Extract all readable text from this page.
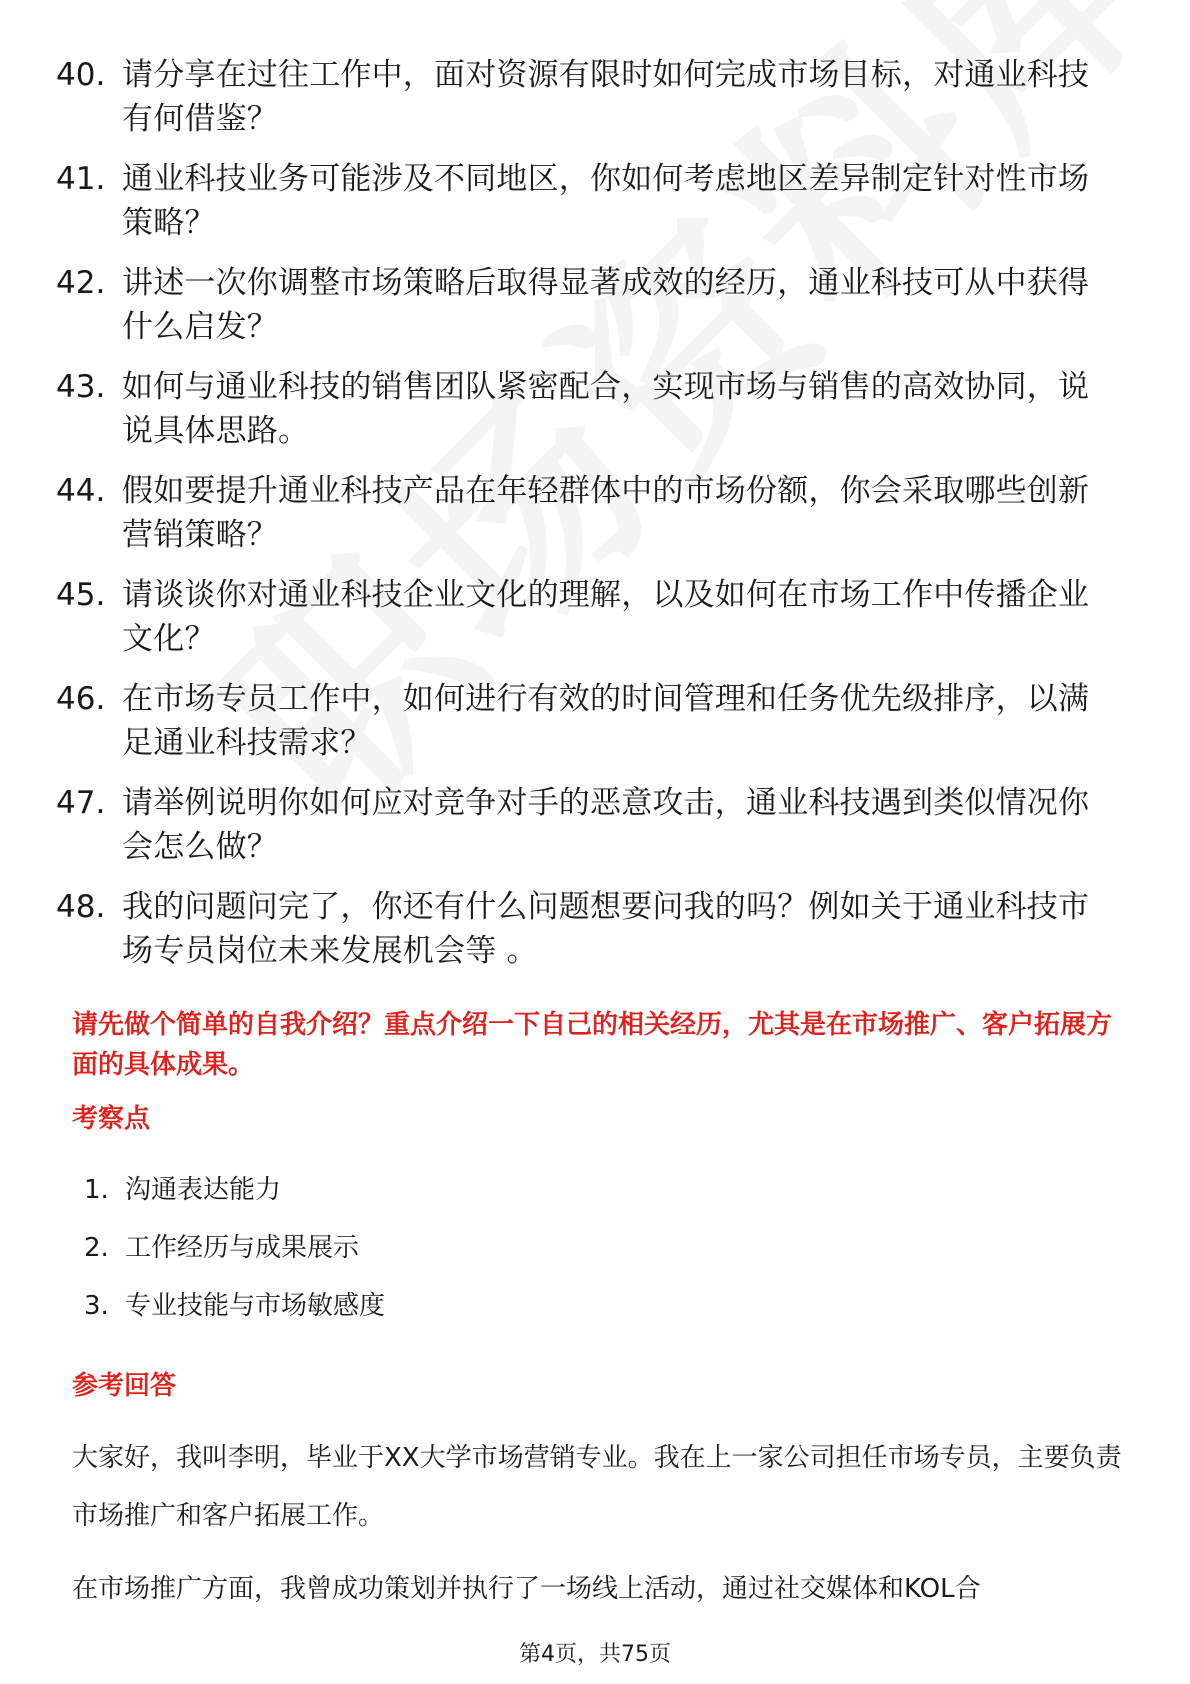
40. 请分享在过往工作中，面对资源有限时如何完成市场目标，对通业科技有何借鉴？
41. 通业科技业务可能涉及不同地区，你如何考虑地区差异制定针对性市场策略？
42. 讲述一次你调整市场策略后取得显著成效的经历，通业科技可从中获得什么启发？
43. 如何与通业科技的销售团队紧密配合，实现市场与销售的高效协同，说说具体思路。
44. 假如要提升通业科技产品在年轻群体中的市场份额，你会采取哪些创新营销策略？
45. 请谈谈你对通业科技企业文化的理解，以及如何在市场工作中传播企业文化？
46. 在市场专员工作中，如何进行有效的时间管理和任务优先级排序，以满足通业科技需求？
47. 请举例说明你如何应对竞争对手的恶意攻击，通业科技遇到类似情况你会怎么做？
48. 我的问题问完了，你还有什么问题想要问我的吗？例如关于通业科技市场专员岗位未来发展机会等 。

请先做个简单的自我介绍？重点介绍一下自己的相关经历，尤其是在市场推广、客户拓展方面的具体成果。

考察点
1. 沟通表达能力
2. 工作经历与成果展示
3. 专业技能与市场敏感度
参考回答

大家好，我叫李明，毕业于XX大学市场营销专业。我在上一家公司担任市场专员，主要负责市场推广和客户拓展工作。

在市场推广方面，我曾成功策划并执行了一场线上活动，通过社交媒体和KOL合

第4页，共75页
